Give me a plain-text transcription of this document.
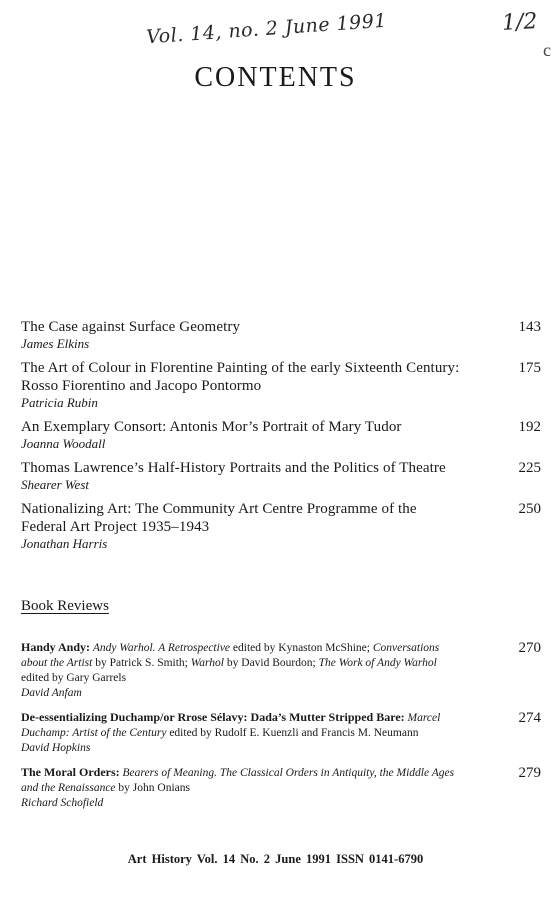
Vol. 14, no. 2 June 1991	1/2
c
CONTENTS
The Case against Surface Geometry
James Elkins
143
The Art of Colour in Florentine Painting of the early Sixteenth Century: Rosso Fiorentino and Jacopo Pontormo
Patricia Rubin
175
An Exemplary Consort: Antonis Mor’s Portrait of Mary Tudor
Joanna Woodall
192
Thomas Lawrence’s Half-History Portraits and the Politics of Theatre
Shearer West
225
Nationalizing Art: The Community Art Centre Programme of the Federal Art Project 1935–1943
Jonathan Harris
250
Book Reviews
Handy Andy: Andy Warhol. A Retrospective edited by Kynaston McShine; Conversations about the Artist by Patrick S. Smith; Warhol by David Bourdon; The Work of Andy Warhol edited by Gary Garrels
David Anfam
270
De-essentializing Duchamp/or Rrose Sélavy: Dada’s Mutter Stripped Bare: Marcel Duchamp: Artist of the Century edited by Rudolf E. Kuenzli and Francis M. Neumann
David Hopkins
274
The Moral Orders: Bearers of Meaning. The Classical Orders in Antiquity, the Middle Ages and the Renaissance by John Onians
Richard Schofield
279
Art History Vol. 14 No. 2 June 1991 ISSN 0141-6790
